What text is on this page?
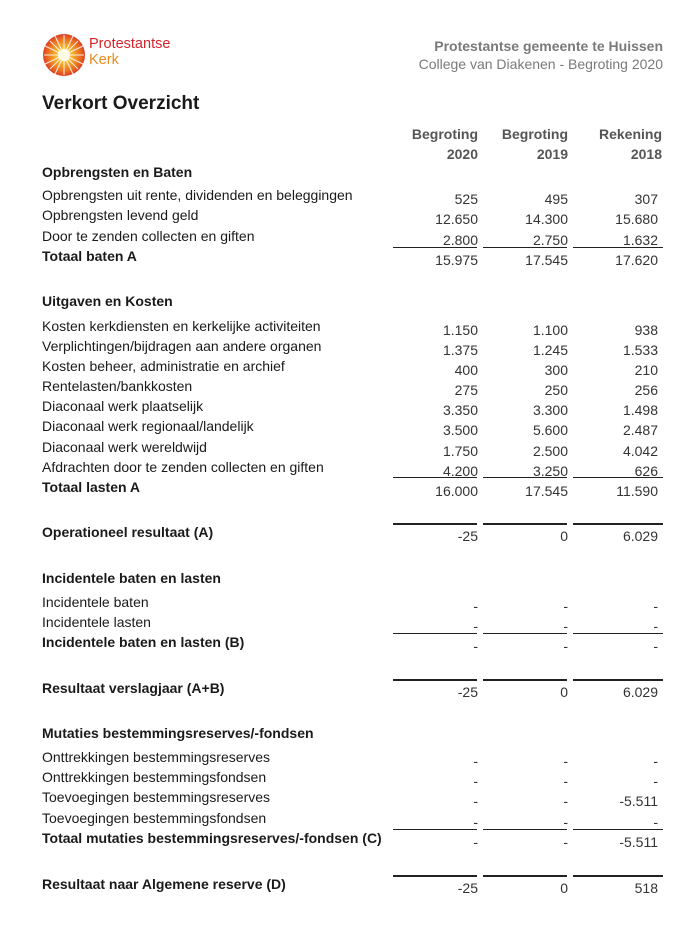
Protestantse
Kerk
Protestantse gemeente te Huissen
College van Diakenen - Begroting 2020
Verkort Overzicht
Begroting
2020
Begroting
2019
Rekening
2018
Opbrengsten en Baten
Opbrengsten uit rente, dividenden en beleggingen	525	495	307
Opbrengsten levend geld	12.650	14.300	15.680
Door te zenden collecten en giften	2.800	2.750	1.632
Totaal baten A	15.975	17.545	17.620
Uitgaven en Kosten
Kosten kerkdiensten en kerkelijke activiteiten	1.150	1.100	938
Verplichtingen/bijdragen aan andere organen	1.375	1.245	1.533
Kosten beheer, administratie en archief	400	300	210
Rentelasten/bankkosten	275	250	256
Diaconaal werk plaatselijk	3.350	3.300	1.498
Diaconaal werk regionaal/landelijk	3.500	5.600	2.487
Diaconaal werk wereldwijd	1.750	2.500	4.042
Afdrachten door te zenden collecten en giften	4.200	3.250	626
Totaal lasten A	16.000	17.545	11.590
Operationeel resultaat (A)	-25	0	6.029
Incidentele baten en lasten
Incidentele baten	-	-	-
Incidentele lasten	-	-	-
Incidentele baten en lasten (B)	-	-	-
Resultaat verslagjaar (A+B)	-25	0	6.029
Mutaties bestemmingsreserves/-fondsen
Onttrekkingen bestemmingsreserves	-	-	-
Onttrekkingen bestemmingsfondsen	-	-	-
Toevoegingen bestemmingsreserves	-	-	-5.511
Toevoegingen bestemmingsfondsen	-	-	-
Totaal mutaties bestemmingsreserves/-fondsen (C)	-	-	-5.511
Resultaat naar Algemene reserve (D)	-25	0	518
